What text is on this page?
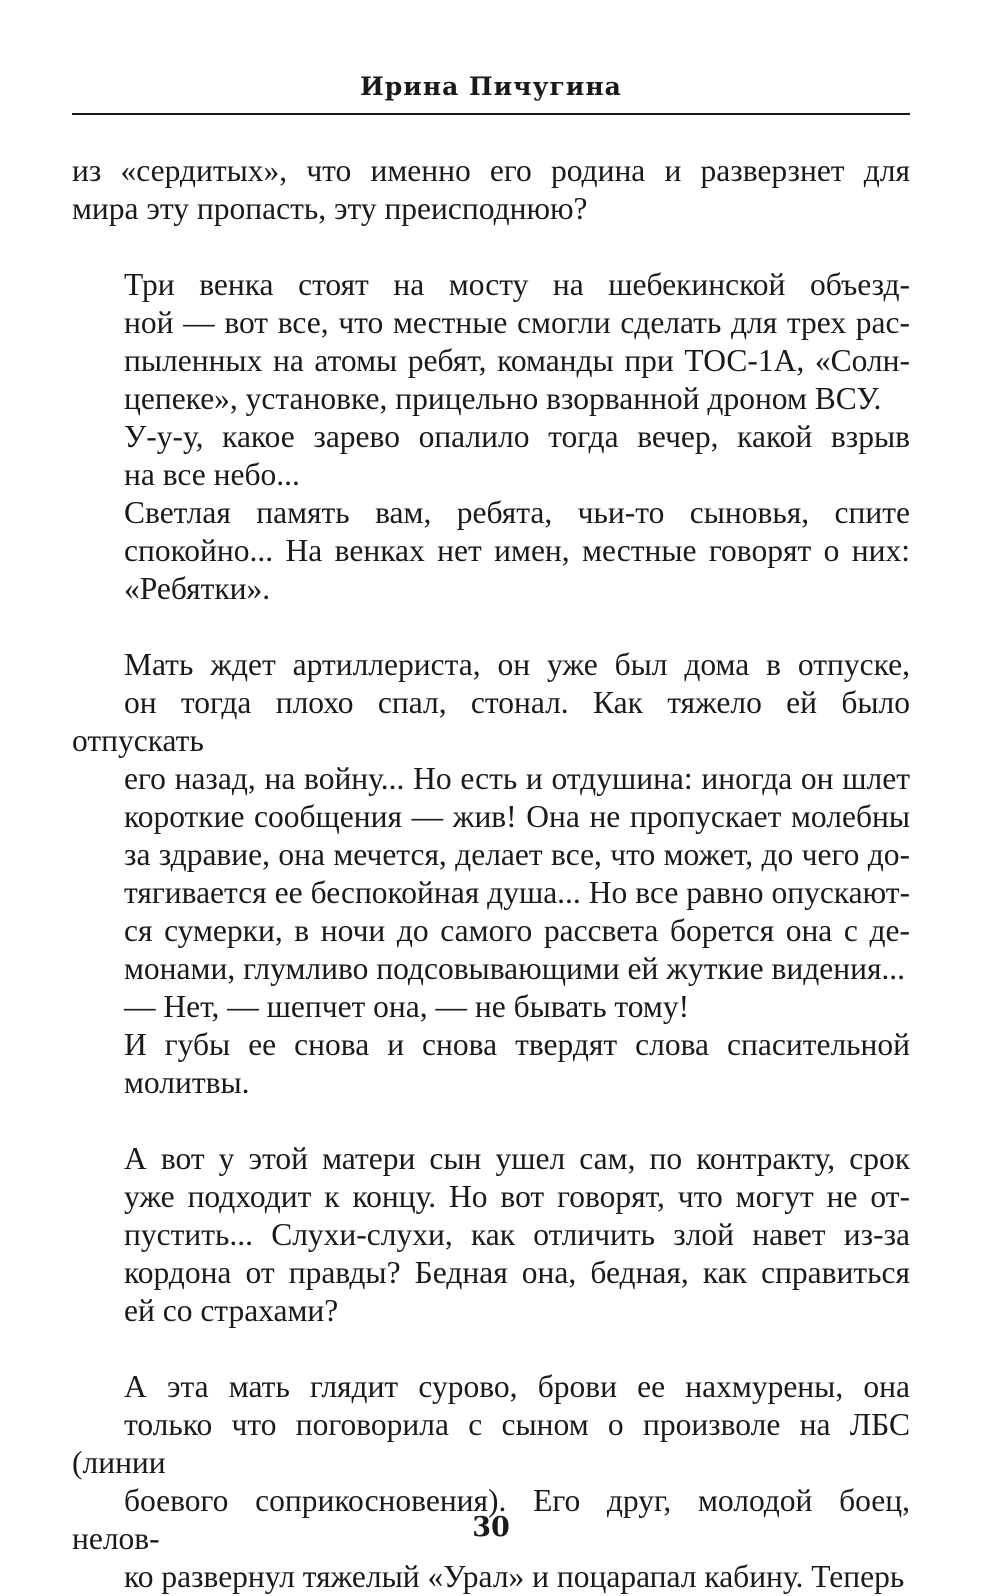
Ирина Пичугина

из «сердитых», что именно его родина и разверзнет для
мира эту пропасть, эту преисподнюю?

Три венка стоят на мосту на шебекинской объезд-
ной — вот все, что местные смогли сделать для трех рас-
пыленных на атомы ребят, команды при ТОС-1А, «Солн-
цепеке», установке, прицельно взорванной дроном ВСУ.

У-у-у, какое зарево опалило тогда вечер, какой взрыв
на все небо...

Светлая память вам, ребята, чьи-то сыновья, спите
спокойно... На венках нет имен, местные говорят о них:
«Ребятки».

Мать ждет артиллериста, он уже был дома в отпуске,
он тогда плохо спал, стонал. Как тяжело ей было отпускать
его назад, на войну... Но есть и отдушина: иногда он шлет
короткие сообщения — жив! Она не пропускает молебны
за здравие, она мечется, делает все, что может, до чего до-
тягивается ее беспокойная душа... Но все равно опускают-
ся сумерки, в ночи до самого рассвета борется она с де-
монами, глумливо подсовывающими ей жуткие видения...

— Нет, — шепчет она, — не бывать тому!

И губы ее снова и снова твердят слова спасительной
молитвы.

А вот у этой матери сын ушел сам, по контракту, срок
уже подходит к концу. Но вот говорят, что могут не от-
пустить... Слухи-слухи, как отличить злой навет из-за
кордона от правды? Бедная она, бедная, как справиться
ей со страхами?

А эта мать глядит сурово, брови ее нахмурены, она
только что поговорила с сыном о произволе на ЛБС (линии
боевого соприкосновения). Его друг, молодой боец, нелов-
ко развернул тяжелый «Урал» и поцарапал кабину. Теперь

30
